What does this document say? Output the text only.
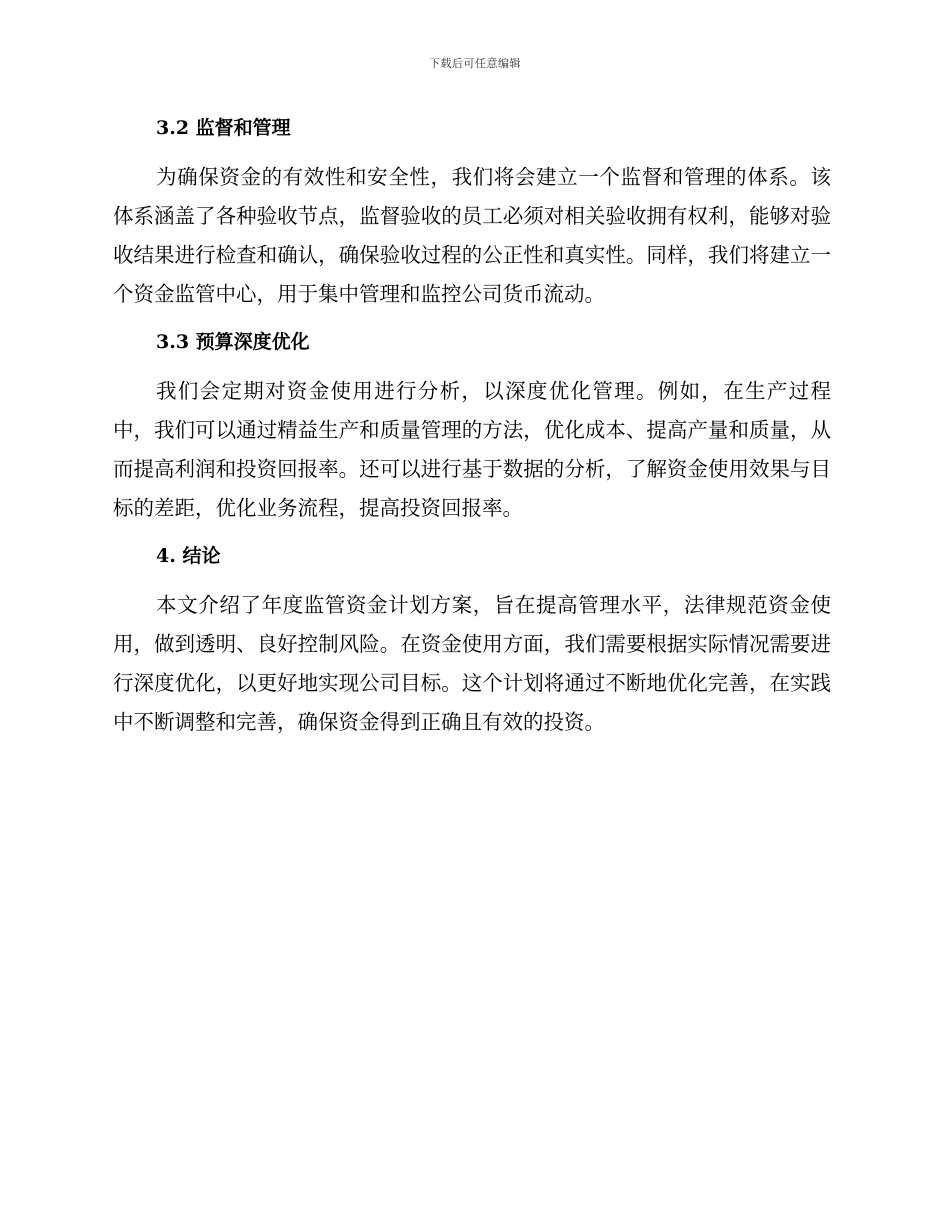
下载后可任意编辑
3.2 监督和管理

为确保资金的有效性和安全性，我们将会建立一个监督和管理的体系。该体系涵盖了各种验收节点，监督验收的员工必须对相关验收拥有权利，能够对验收结果进行检查和确认，确保验收过程的公正性和真实性。同样，我们将建立一个资金监管中心，用于集中管理和监控公司货币流动。

3.3 预算深度优化

我们会定期对资金使用进行分析，以深度优化管理。例如，在生产过程中，我们可以通过精益生产和质量管理的方法，优化成本、提高产量和质量，从而提高利润和投资回报率。还可以进行基于数据的分析，了解资金使用效果与目标的差距，优化业务流程，提高投资回报率。

4. 结论

本文介绍了年度监管资金计划方案，旨在提高管理水平，法律规范资金使用，做到透明、良好控制风险。在资金使用方面，我们需要根据实际情况需要进行深度优化，以更好地实现公司目标。这个计划将通过不断地优化完善，在实践中不断调整和完善，确保资金得到正确且有效的投资。
